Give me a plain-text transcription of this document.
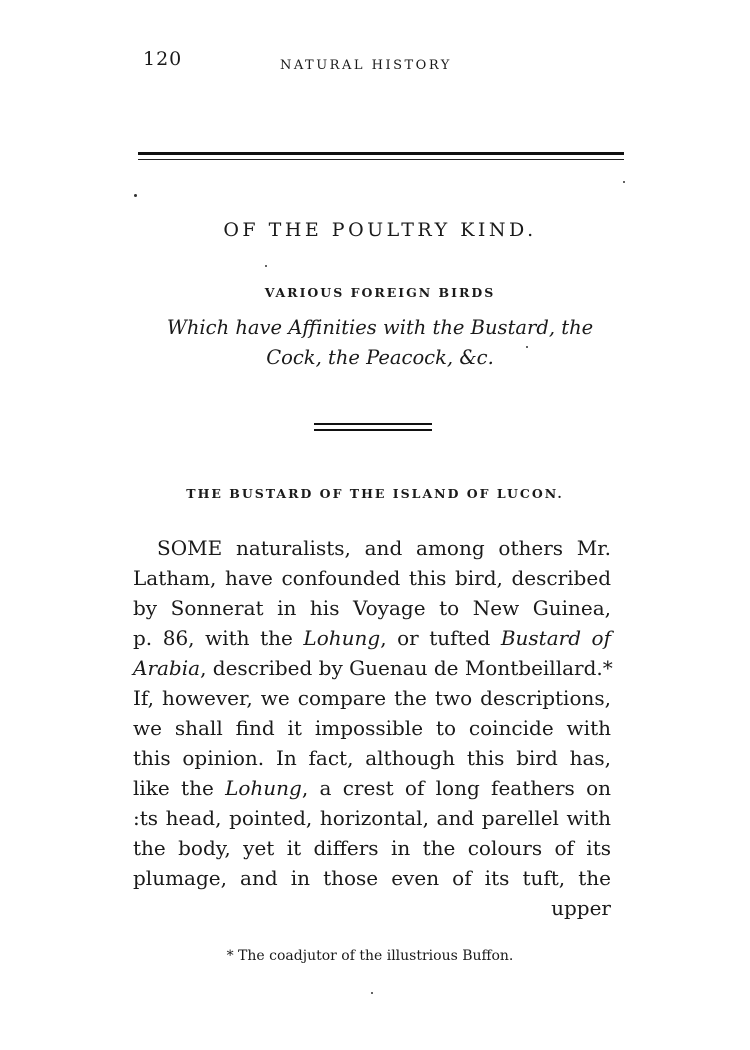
120	NATURAL HISTORY
OF THE POULTRY KIND.
VARIOUS FOREIGN BIRDS
Which have Affinities with the Bustard, the
Cock, the Peacock, &c.
THE BUSTARD OF THE ISLAND OF LUCON.
SOME naturalists, and among others Mr.
Latham, have confounded this bird, described
by Sonnerat in his Voyage to New Guinea,
p. 86, with the Lohung, or tufted Bustard of
Arabia, described by Guenau de Montbeillard.*
If, however, we compare the two descriptions,
we shall find it impossible to coincide with
this opinion. In fact, although this bird has,
like the Lohung, a crest of long feathers on
:ts head, pointed, horizontal, and parellel with
the body, yet it differs in the colours of its
plumage, and in those even of its tuft, the
upper
* The coadjutor of the illustrious Buffon.
